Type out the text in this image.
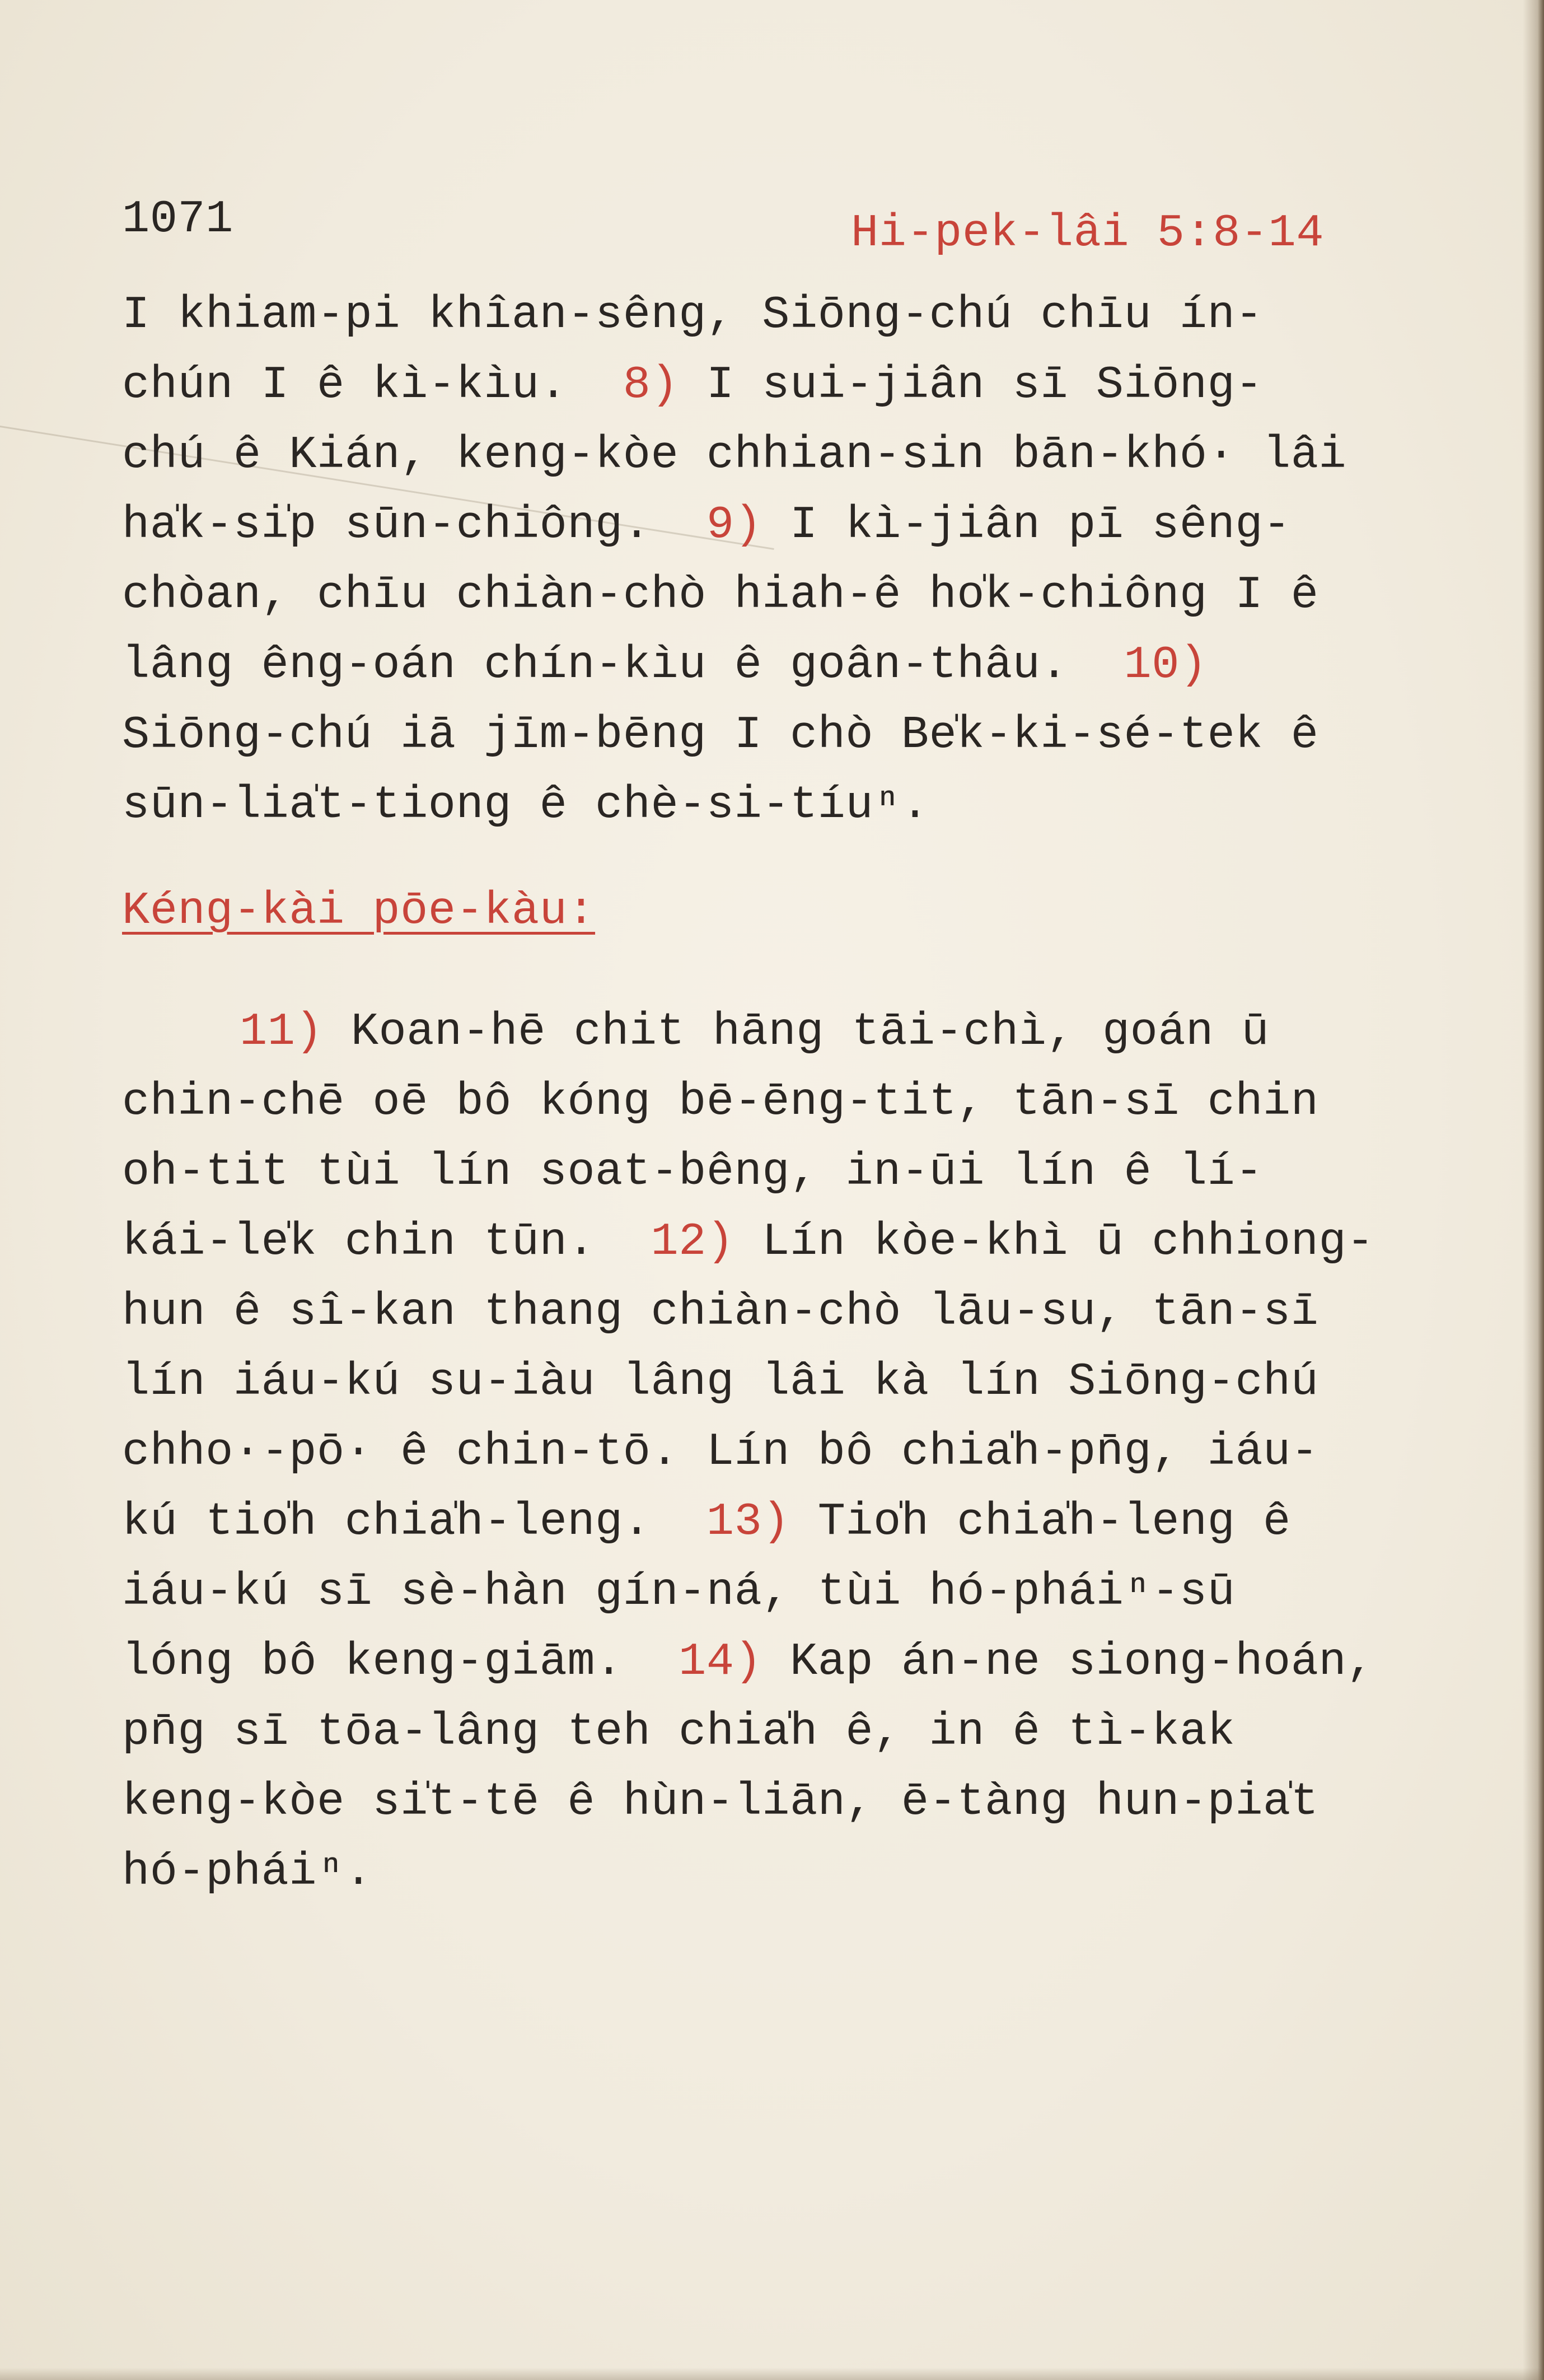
1071	Hi-pek-lâi 5:8-14
I khiam-pi khîan-sêng, Siōng-chú chīu ín-
chún I ê kì-kìu.  8) I sui-jiân sī Siōng-
chú ê Kián, keng-kòe chhian-sin bān-khó· lâi
ha̍k-si̍p sūn-chiông.  9) I kì-jiân pī sêng-
chòan, chīu chiàn-chò hiah-ê ho̍k-chiông I ê
lâng êng-oán chín-kìu ê goân-thâu.  10)
Siōng-chú iā jīm-bēng I chò Be̍k-ki-sé-tek ê
sūn-lia̍t-tiong ê chè-si-tíuⁿ.
Kéng-kài pōe-kàu:
11) Koan-hē chit hāng tāi-chì, goán ū
chin-chē oē bô kóng bē-ēng-tit, tān-sī chin
oh-tit tùi lín soat-bêng, in-ūi lín ê lí-
kái-le̍k chin tūn.  12) Lín kòe-khì ū chhiong-
hun ê sî-kan thang chiàn-chò lāu-su, tān-sī
lín iáu-kú su-iàu lâng lâi kà lín Siōng-chú
chho·-pō· ê chin-tō. Lín bô chia̍h-pn̄g, iáu-
kú tio̍h chia̍h-leng.  13) Tio̍h chia̍h-leng ê
iáu-kú sī sè-hàn gín-ná, tùi hó-pháiⁿ-sū
lóng bô keng-giām.  14) Kap án-ne siong-hoán,
pn̄g sī tōa-lâng teh chia̍h ê, in ê tì-kak
keng-kòe si̍t-tē ê hùn-liān, ē-tàng hun-pia̍t
hó-pháiⁿ.
